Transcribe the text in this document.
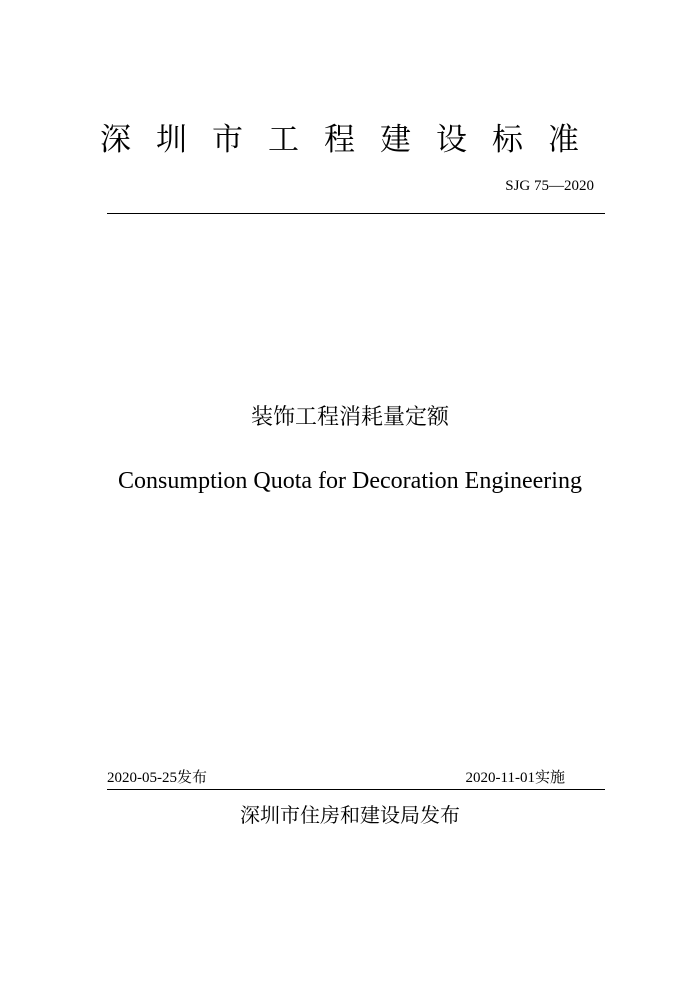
深圳市工程建设标准
SJG 75—2020
装饰工程消耗量定额
Consumption Quota for Decoration Engineering
2020-05-25发布	2020-11-01实施
深圳市住房和建设局发布
